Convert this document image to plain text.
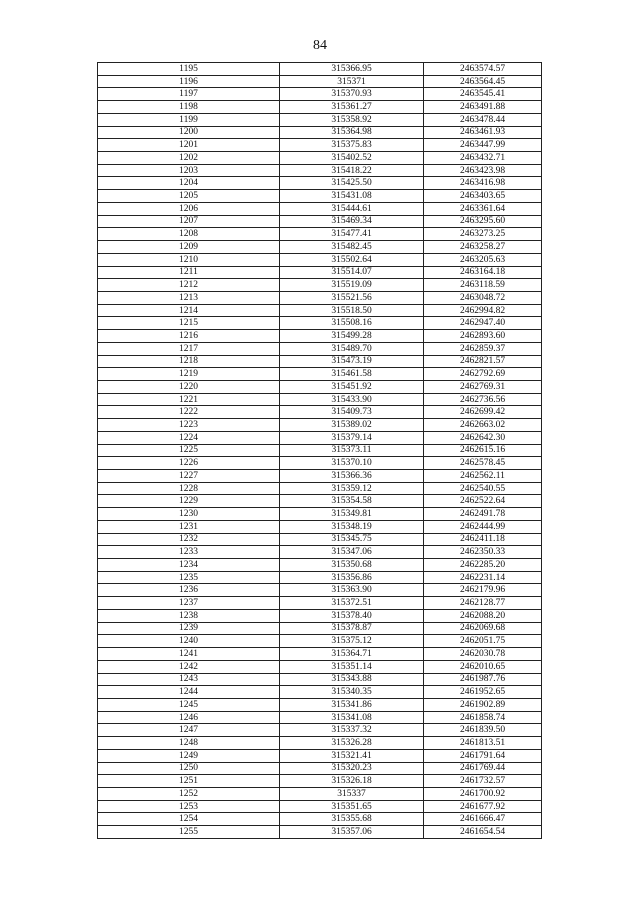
84
1195	315366.95	2463574.57
1196	315371	2463564.45
1197	315370.93	2463545.41
1198	315361.27	2463491.88
1199	315358.92	2463478.44
1200	315364.98	2463461.93
1201	315375.83	2463447.99
1202	315402.52	2463432.71
1203	315418.22	2463423.98
1204	315425.50	2463416.98
1205	315431.08	2463403.65
1206	315444.61	2463361.64
1207	315469.34	2463295.60
1208	315477.41	2463273.25
1209	315482.45	2463258.27
1210	315502.64	2463205.63
1211	315514.07	2463164.18
1212	315519.09	2463118.59
1213	315521.56	2463048.72
1214	315518.50	2462994.82
1215	315508.16	2462947.40
1216	315499.28	2462893.60
1217	315489.70	2462859.37
1218	315473.19	2462821.57
1219	315461.58	2462792.69
1220	315451.92	2462769.31
1221	315433.90	2462736.56
1222	315409.73	2462699.42
1223	315389.02	2462663.02
1224	315379.14	2462642.30
1225	315373.11	2462615.16
1226	315370.10	2462578.45
1227	315366.36	2462562.11
1228	315359.12	2462540.55
1229	315354.58	2462522.64
1230	315349.81	2462491.78
1231	315348.19	2462444.99
1232	315345.75	2462411.18
1233	315347.06	2462350.33
1234	315350.68	2462285.20
1235	315356.86	2462231.14
1236	315363.90	2462179.96
1237	315372.51	2462128.77
1238	315378.40	2462088.20
1239	315378.87	2462069.68
1240	315375.12	2462051.75
1241	315364.71	2462030.78
1242	315351.14	2462010.65
1243	315343.88	2461987.76
1244	315340.35	2461952.65
1245	315341.86	2461902.89
1246	315341.08	2461858.74
1247	315337.32	2461839.50
1248	315326.28	2461813.51
1249	315321.41	2461791.64
1250	315320.23	2461769.44
1251	315326.18	2461732.57
1252	315337	2461700.92
1253	315351.65	2461677.92
1254	315355.68	2461666.47
1255	315357.06	2461654.54
